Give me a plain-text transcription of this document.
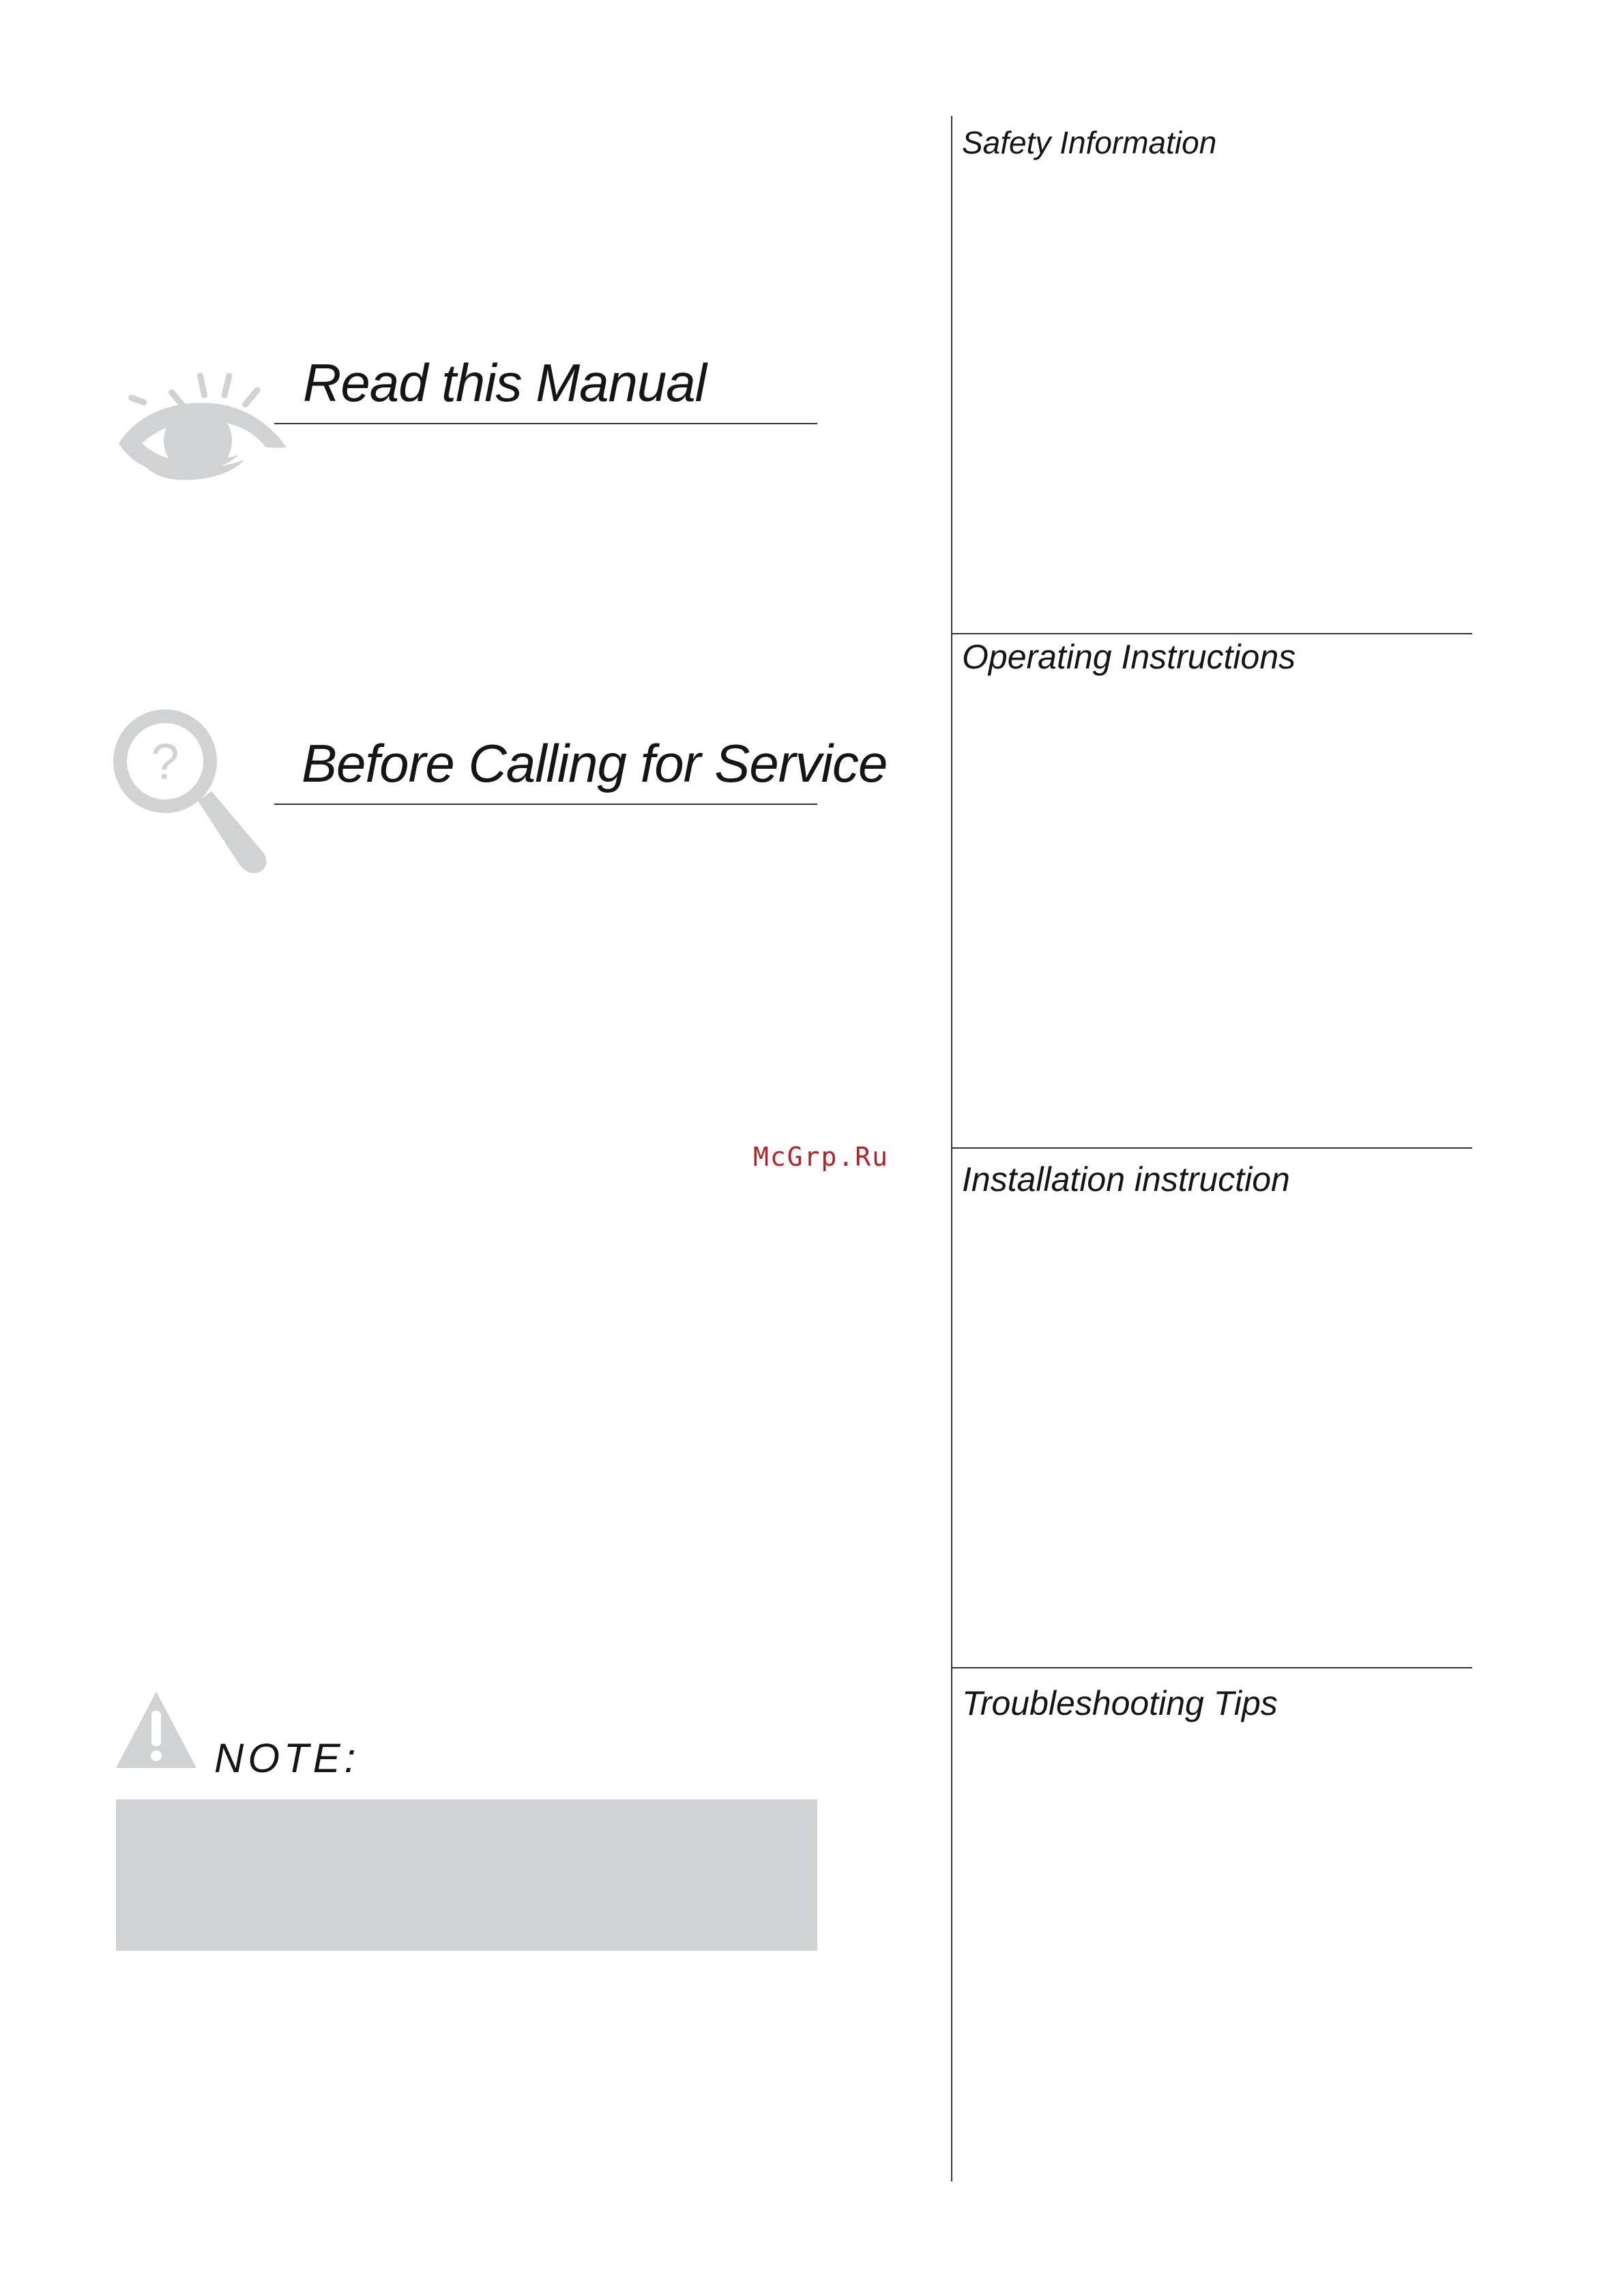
Read this Manual
? Before Calling for Service
Safety Information
Operating Instructions
Installation instruction
Troubleshooting Tips
McGrp.Ru
NOTE:
